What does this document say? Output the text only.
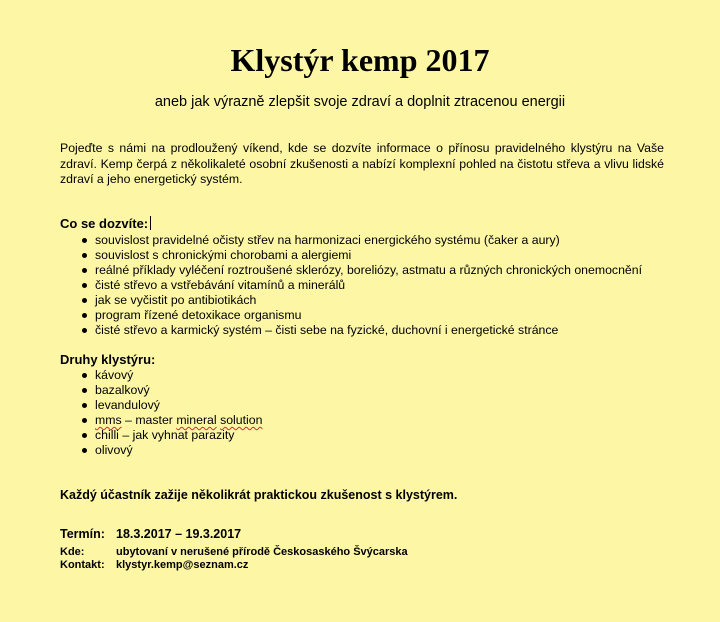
Klystýr kemp 2017
aneb jak výrazně zlepšit svoje zdraví a doplnit ztracenou energii
Pojeďte s námi na prodloužený víkend, kde se dozvíte informace o přínosu pravidelného klystýru na Vaše zdraví. Kemp čerpá z několikaleté osobní zkušenosti a nabízí komplexní pohled na čistotu střeva a vlivu lidské zdraví a jeho energetický systém.
Co se dozvíte:
souvislost pravidelné očisty střev na harmonizaci energického systému (čaker a aury)
souvislost s chronickými chorobami a alergiemi
reálné příklady vyléčení roztroušené sklerózy, boreliózy, astmatu a různých chronických onemocnění
čisté střevo a vstřebávání vitamínů a minerálů
jak se vyčistit po antibiotikách
program řízené detoxikace organismu
čisté střevo a karmický systém – čisti sebe na fyzické, duchovní i energetické stránce
Druhy klystýru:
kávový
bazalkový
levandulový
mms – master mineral solution
chilli – jak vyhnat parazity
olivový
Každý účastník zažije několikrát praktickou zkušenost s klystýrem.
Termín: 18.3.2017 – 19.3.2017
Kde:	ubytovaní v nerušené přírodě Českosaského Švýcarska
Kontakt: klystyr.kemp@seznam.cz
